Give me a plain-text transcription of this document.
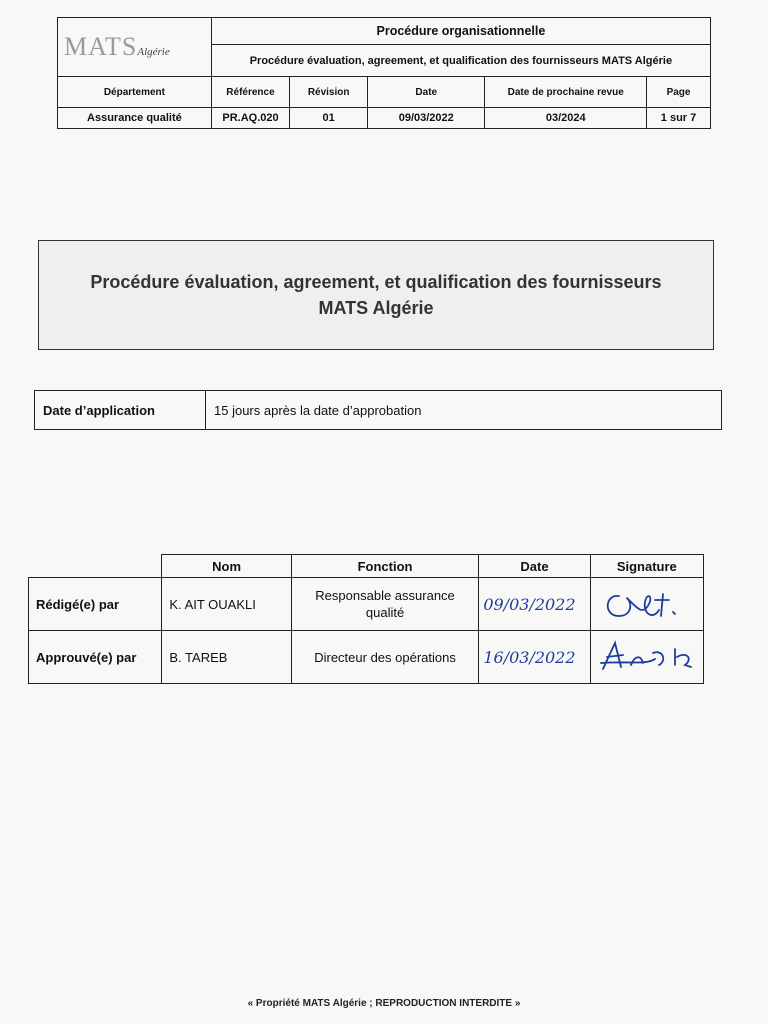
MATSAlgérie	Procédure organisationnelle				
	Procédure évaluation, agreement, et qualification des fournisseurs MATS Algérie				
Département	Référence	Révision	Date	Date de prochaine revue	Page
Assurance qualité	PR.AQ.020	01	09/03/2022	03/2024	1 sur 7
Procédure évaluation, agreement, et qualification des fournisseurs
MATS Algérie
Date d’application	15 jours après la date d’approbation
	Nom	Fonction	Date	Signature
Rédigé(e) par	K. AIT OUAKLI	Responsable assurance qualité	09/03/2022	

Approuvé(e) par	B. TAREB	Directeur des opérations	16/03/2022	
« Propriété MATS Algérie ; REPRODUCTION INTERDITE »
